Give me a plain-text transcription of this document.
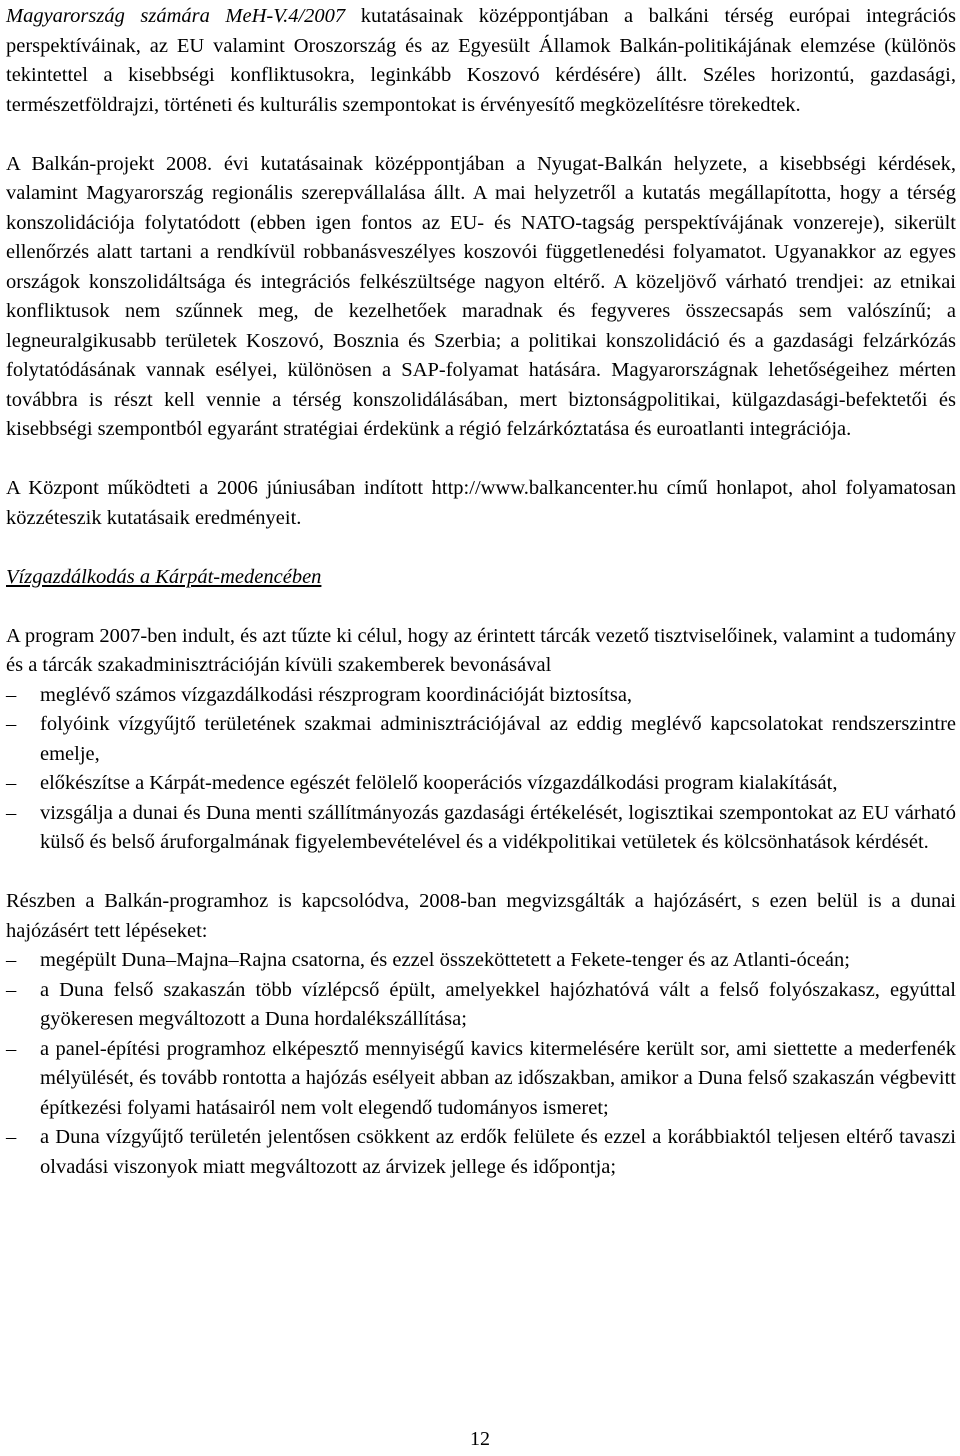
Magyarország számára MeH-V.4/2007 kutatásainak középpontjában a balkáni térség európai integrációs perspektíváinak, az EU valamint Oroszország és az Egyesült Államok Balkán-politikájának elemzése (különös tekintettel a kisebbségi konfliktusokra, leginkább Koszovó kérdésére) állt. Széles horizontú, gazdasági, természetföldrajzi, történeti és kulturális szempontokat is érvényesítő megközelítésre törekedtek.

A Balkán-projekt 2008. évi kutatásainak középpontjában a Nyugat-Balkán helyzete, a kisebbségi kérdések, valamint Magyarország regionális szerepvállalása állt. A mai helyzetről a kutatás megállapította, hogy a térség konszolidációja folytatódott (ebben igen fontos az EU- és NATO-tagság perspektívájának vonzereje), sikerült ellenőrzés alatt tartani a rendkívül robbanásveszélyes koszovói függetlenedési folyamatot. Ugyanakkor az egyes országok konszolidáltsága és integrációs felkészültsége nagyon eltérő. A közeljövő várható trendjei: az etnikai konfliktusok nem szűnnek meg, de kezelhetőek maradnak és fegyveres összecsapás sem valószínű; a legneuralgikusabb területek Koszovó, Bosznia és Szerbia; a politikai konszolidáció és a gazdasági felzárkózás folytatódásának vannak esélyei, különösen a SAP-folyamat hatására. Magyarországnak lehetőségeihez mérten továbbra is részt kell vennie a térség konszolidálásában, mert biztonságpolitikai, külgazdasági-befektetői és kisebbségi szempontból egyaránt stratégiai érdekünk a régió felzárkóztatása és euroatlanti integrációja.

A Központ működteti a 2006 júniusában indított http://www.balkancenter.hu című honlapot, ahol folyamatosan közzéteszik kutatásaik eredményeit.

Vízgazdálkodás a Kárpát-medencében

A program 2007-ben indult, és azt tűzte ki célul, hogy az érintett tárcák vezető tisztviselőinek, valamint a tudomány és a tárcák szakadminisztrációján kívüli szakemberek bevonásával

–	meglévő számos vízgazdálkodási részprogram koordinációját biztosítsa,
–	folyóink vízgyűjtő területének szakmai adminisztrációjával az eddig meglévő kapcsolatokat rendszerszintre emelje,
–	előkészítse a Kárpát-medence egészét felölelő kooperációs vízgazdálkodási program kialakítását,
–	vizsgálja a dunai és Duna menti szállítmányozás gazdasági értékelését, logisztikai szempontokat az EU várható külső és belső áruforgalmának figyelembevételével és a vidékpolitikai vetületek és kölcsönhatások kérdését.

Részben a Balkán-programhoz is kapcsolódva, 2008-ban megvizsgálták a hajózásért, s ezen belül is a dunai hajózásért tett lépéseket:

–	megépült Duna–Majna–Rajna csatorna, és ezzel összeköttetett a Fekete-tenger és az Atlanti-óceán;
–	a Duna felső szakaszán több vízlépcső épült, amelyekkel hajózhatóvá vált a felső folyószakasz, egyúttal gyökeresen megváltozott a Duna hordalékszállítása;
–	a panel-építési programhoz elképesztő mennyiségű kavics kitermelésére került sor, ami siettette a mederfenék mélyülését, és tovább rontotta a hajózás esélyeit abban az időszakban, amikor a Duna felső szakaszán végbevitt építkezési folyami hatásairól nem volt elegendő tudományos ismeret;
–	a Duna vízgyűjtő területén jelentősen csökkent az erdők felülete és ezzel a korábbiaktól teljesen eltérő tavaszi olvadási viszonyok miatt megváltozott az árvizek jellege és időpontja;
12
